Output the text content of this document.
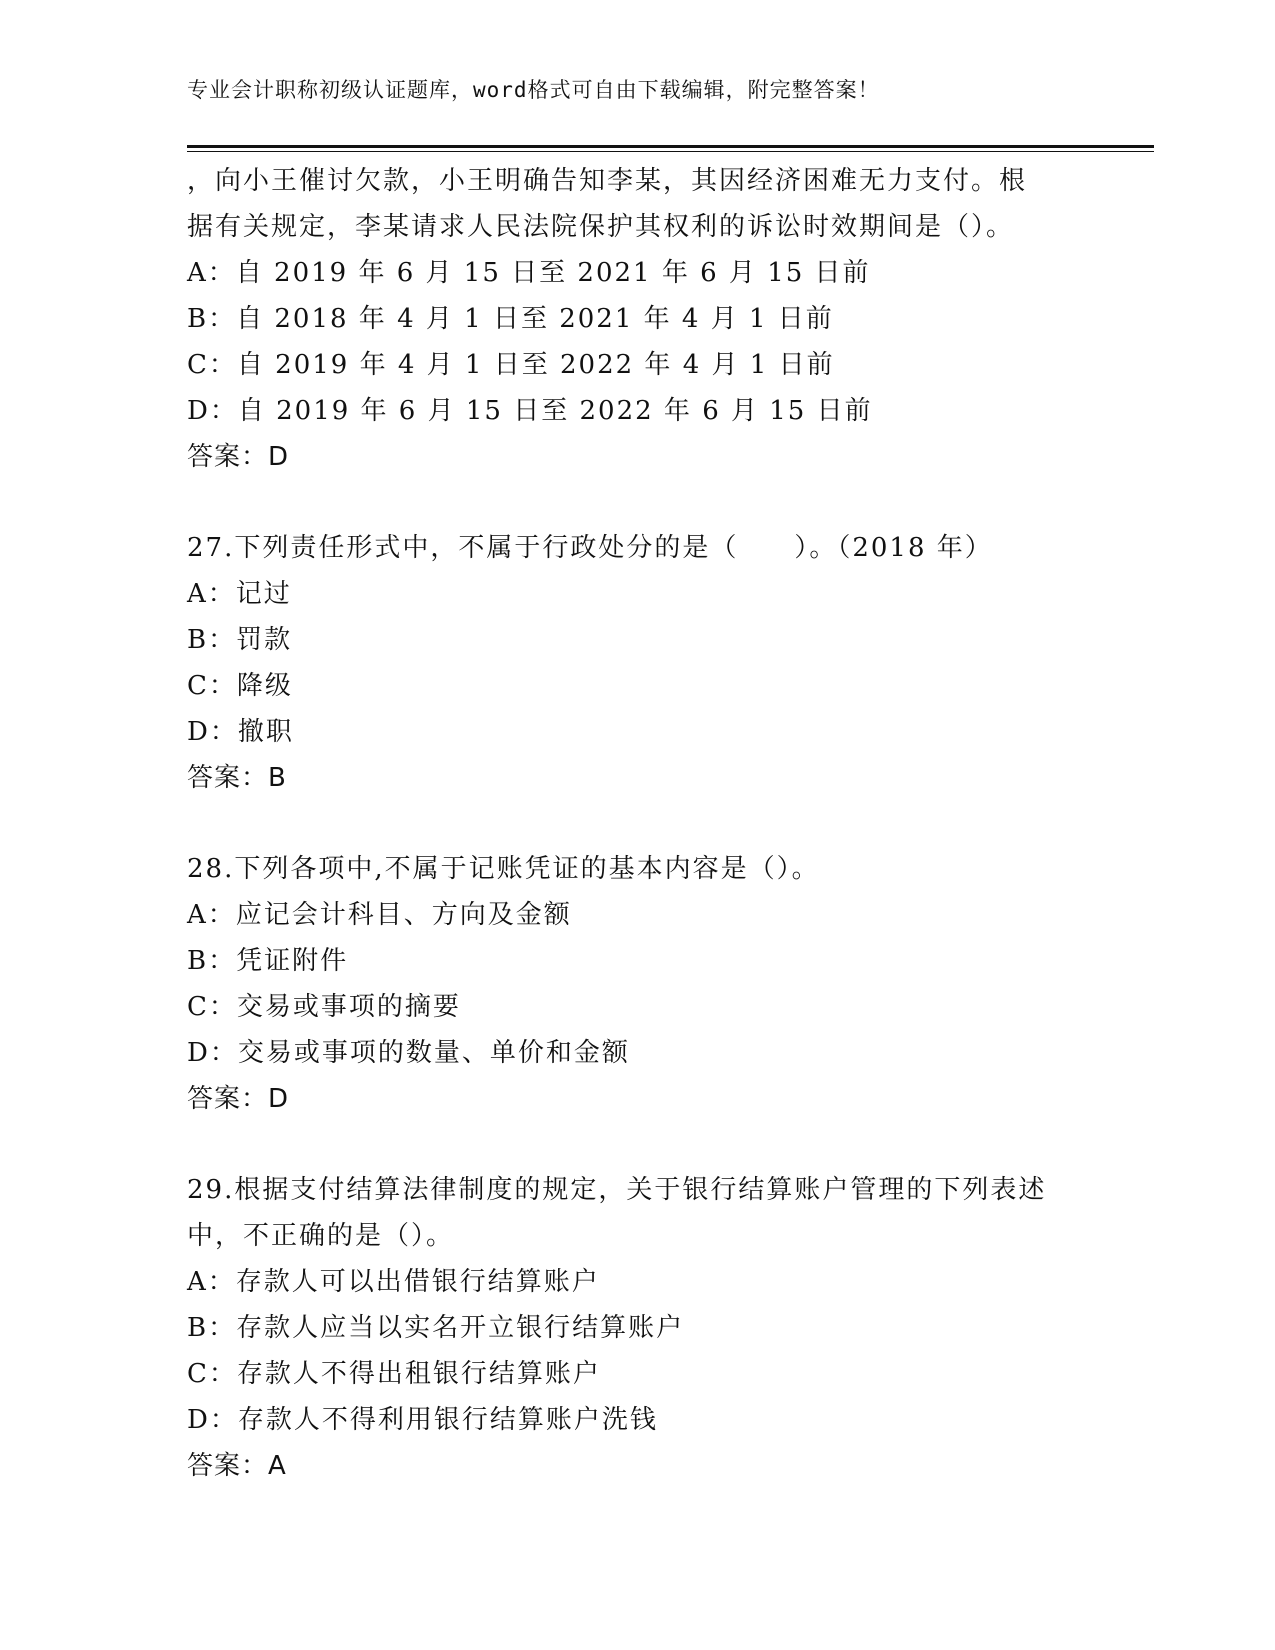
专业会计职称初级认证题库，word格式可自由下载编辑，附完整答案！
，向小王催讨欠款，小王明确告知李某，其因经济困难无力支付。根
据有关规定，李某请求人民法院保护其权利的诉讼时效期间是（）。
A：自 2019 年 6 月 15 日至 2021 年 6 月 15 日前
B：自 2018 年 4 月 1 日至 2021 年 4 月 1 日前
C：自 2019 年 4 月 1 日至 2022 年 4 月 1 日前
D：自 2019 年 6 月 15 日至 2022 年 6 月 15 日前
答案：D
27.下列责任形式中，不属于行政处分的是（　　）。（2018 年）
A：记过
B：罚款
C：降级
D：撤职
答案：B
28.下列各项中,不属于记账凭证的基本内容是（）。
A：应记会计科目、方向及金额
B：凭证附件
C：交易或事项的摘要
D：交易或事项的数量、单价和金额
答案：D
29.根据支付结算法律制度的规定，关于银行结算账户管理的下列表述
中，不正确的是（）。
A：存款人可以出借银行结算账户
B：存款人应当以实名开立银行结算账户
C：存款人不得出租银行结算账户
D：存款人不得利用银行结算账户洗钱
答案：A
